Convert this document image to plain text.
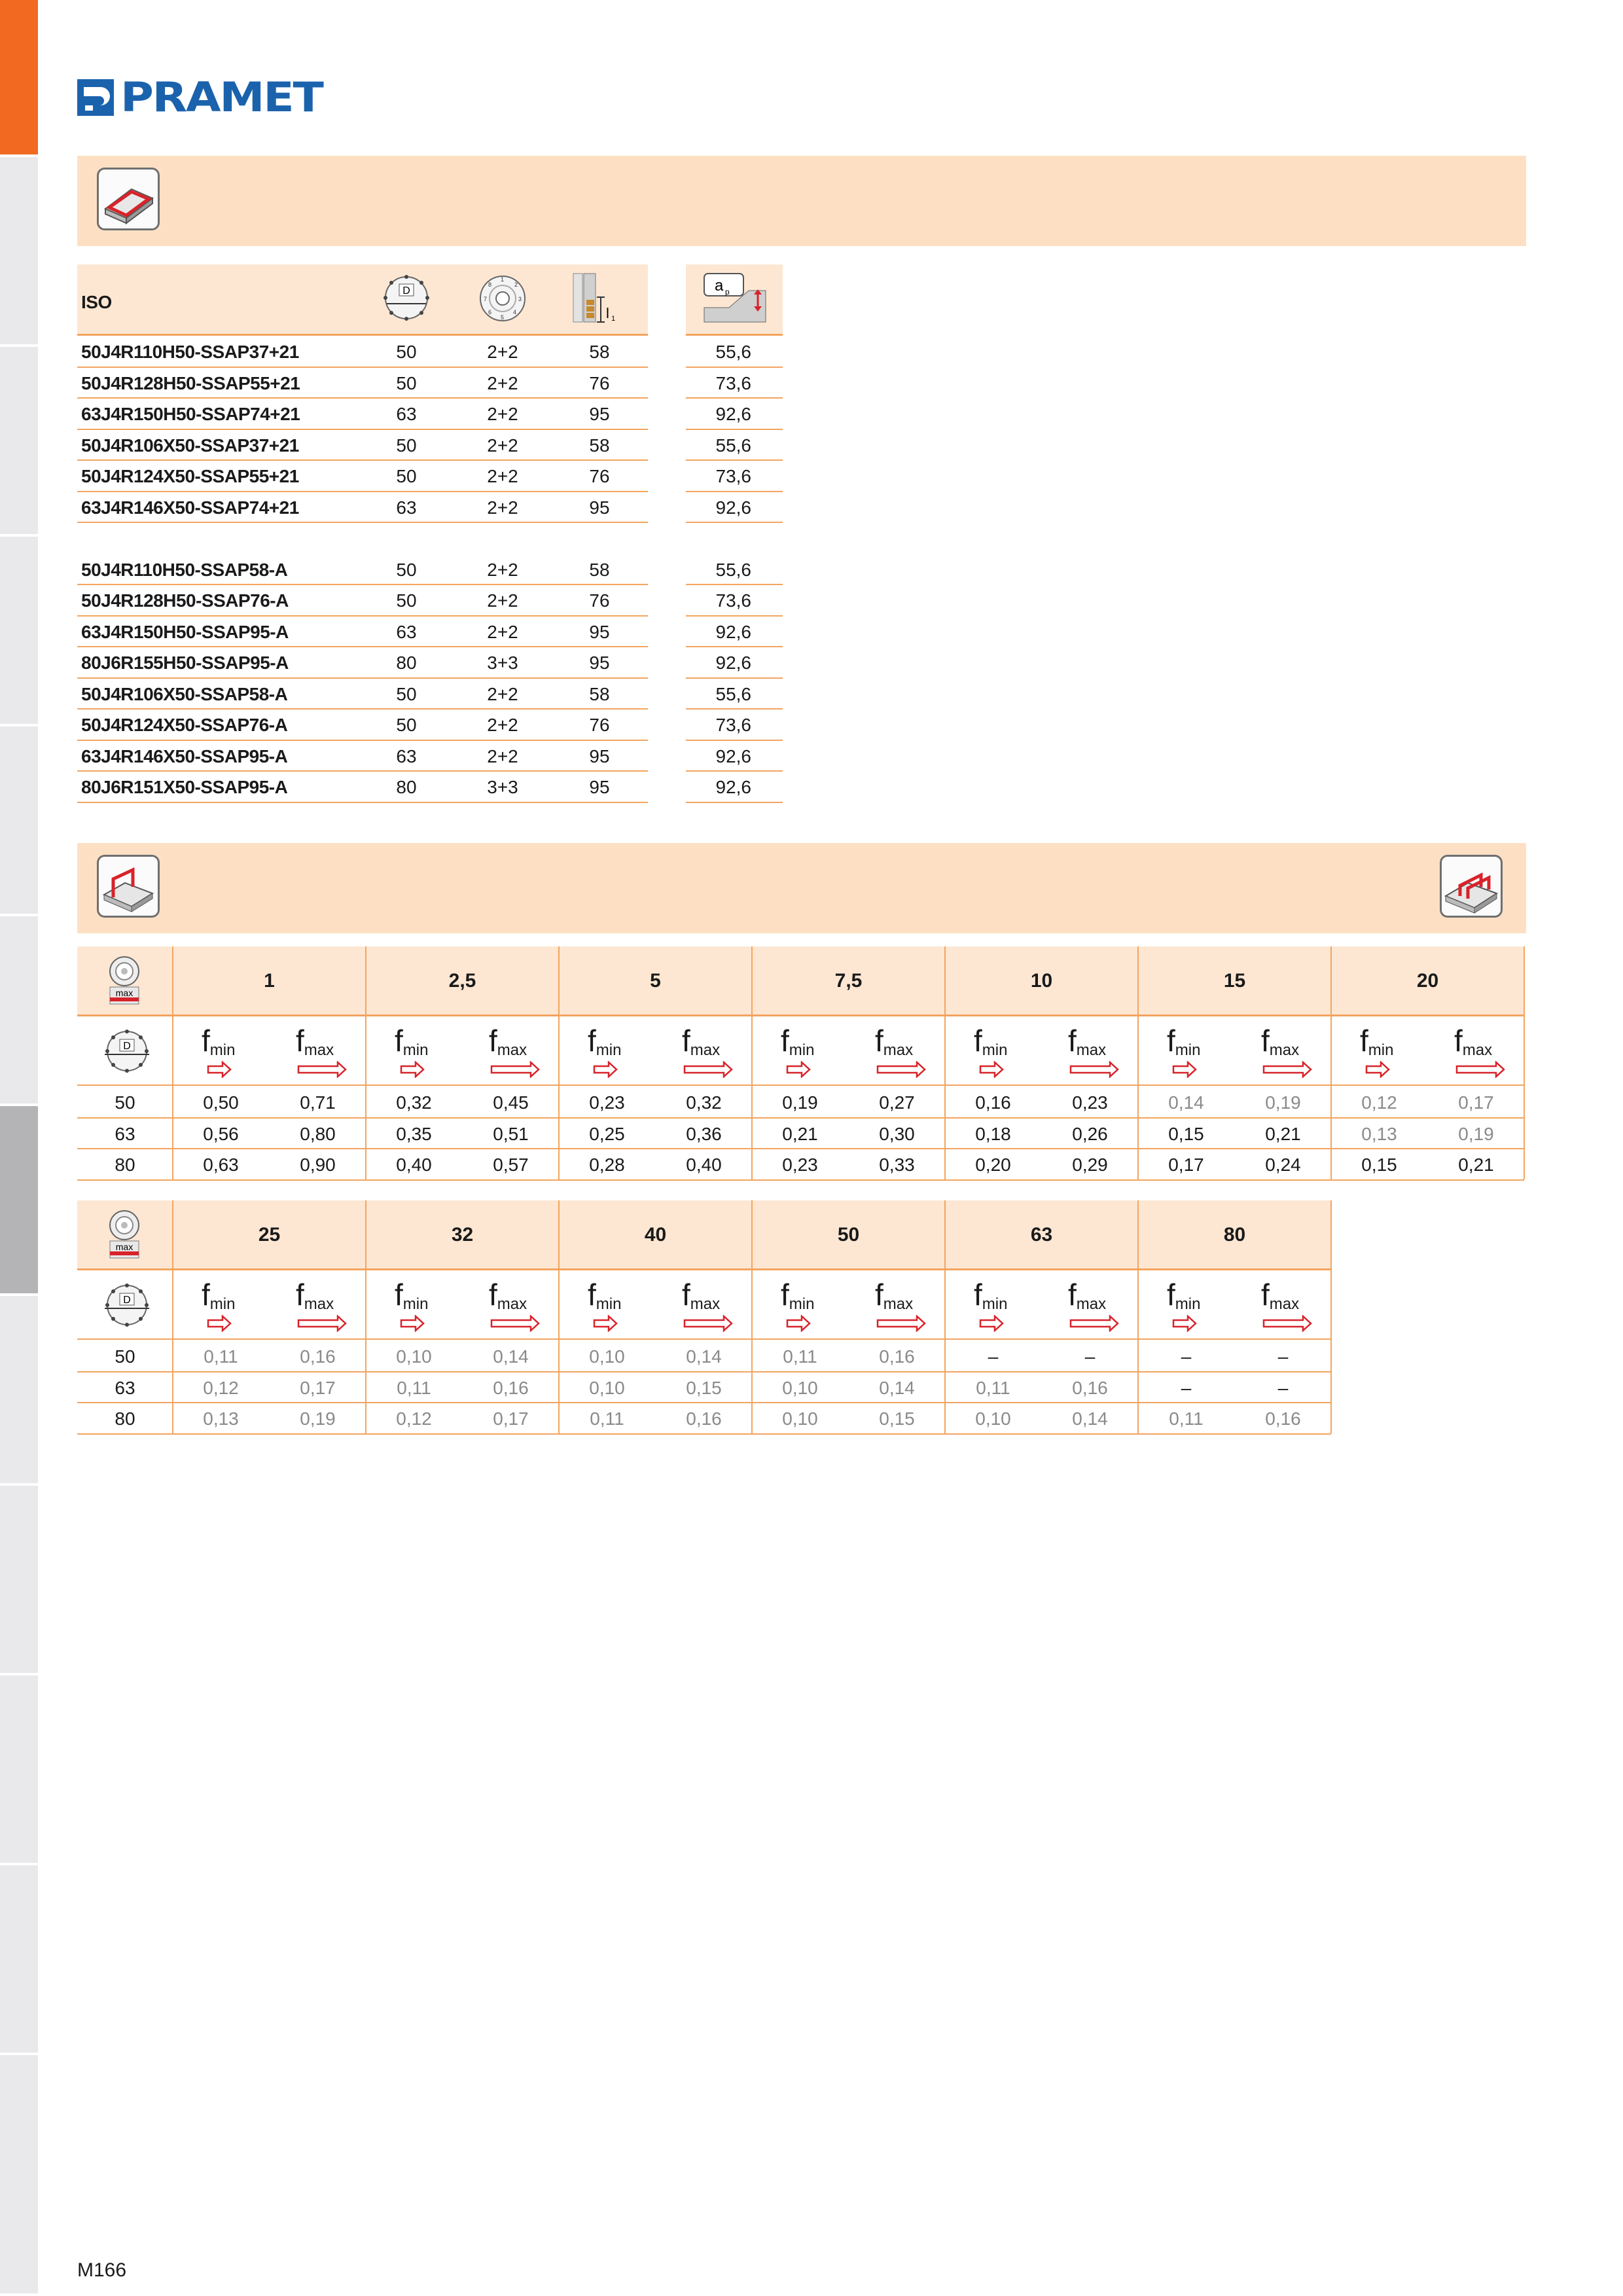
PRAMET
ISO
D
1
2
3
4
5
6
7
8
l 1
a p
50J4R110H50-SSAP37+21	50	2+2	58	55,6
50J4R128H50-SSAP55+21	50	2+2	76	73,6
63J4R150H50-SSAP74+21	63	2+2	95	92,6
50J4R106X50-SSAP37+21	50	2+2	58	55,6
50J4R124X50-SSAP55+21	50	2+2	76	73,6
63J4R146X50-SSAP74+21	63	2+2	95	92,6
50J4R110H50-SSAP58-A	50	2+2	58	55,6
50J4R128H50-SSAP76-A	50	2+2	76	73,6
63J4R150H50-SSAP95-A	63	2+2	95	92,6
80J6R155H50-SSAP95-A	80	3+3	95	92,6
50J4R106X50-SSAP58-A	50	2+2	58	55,6
50J4R124X50-SSAP76-A	50	2+2	76	73,6
63J4R146X50-SSAP95-A	63	2+2	95	92,6
80J6R151X50-SSAP95-A	80	3+3	95	92,6
max
1	2,5	5	7,5	10	15	20
D $f_{min}$ $f_{max}$ $f_{min}$ $f_{max}$ $f_{min}$ $f_{max}$ $f_{min}$ $f_{max}$ $f_{min}$ $f_{max}$ $f_{min}$ $f_{max}$ $f_{min}$ $f_{max}$
50	0,50	0,71	0,32	0,45	0,23	0,32	0,19	0,27	0,16	0,23	0,14	0,19	0,12	0,17
63	0,56	0,80	0,35	0,51	0,25	0,36	0,21	0,30	0,18	0,26	0,15	0,21	0,13	0,19
80	0,63	0,90	0,40	0,57	0,28	0,40	0,23	0,33	0,20	0,29	0,17	0,24	0,15	0,21
max
25	32	40	50	63	80
D $f_{min}$ $f_{max}$ $f_{min}$ $f_{max}$ $f_{min}$ $f_{max}$ $f_{min}$ $f_{max}$ $f_{min}$ $f_{max}$ $f_{min}$ $f_{max}$
50	0,11	0,16	0,10	0,14	0,10	0,14	0,11	0,16	–	–	–	–
63	0,12	0,17	0,11	0,16	0,10	0,15	0,10	0,14	0,11	0,16	–	–
80	0,13	0,19	0,12	0,17	0,11	0,16	0,10	0,15	0,10	0,14	0,11	0,16
M166
